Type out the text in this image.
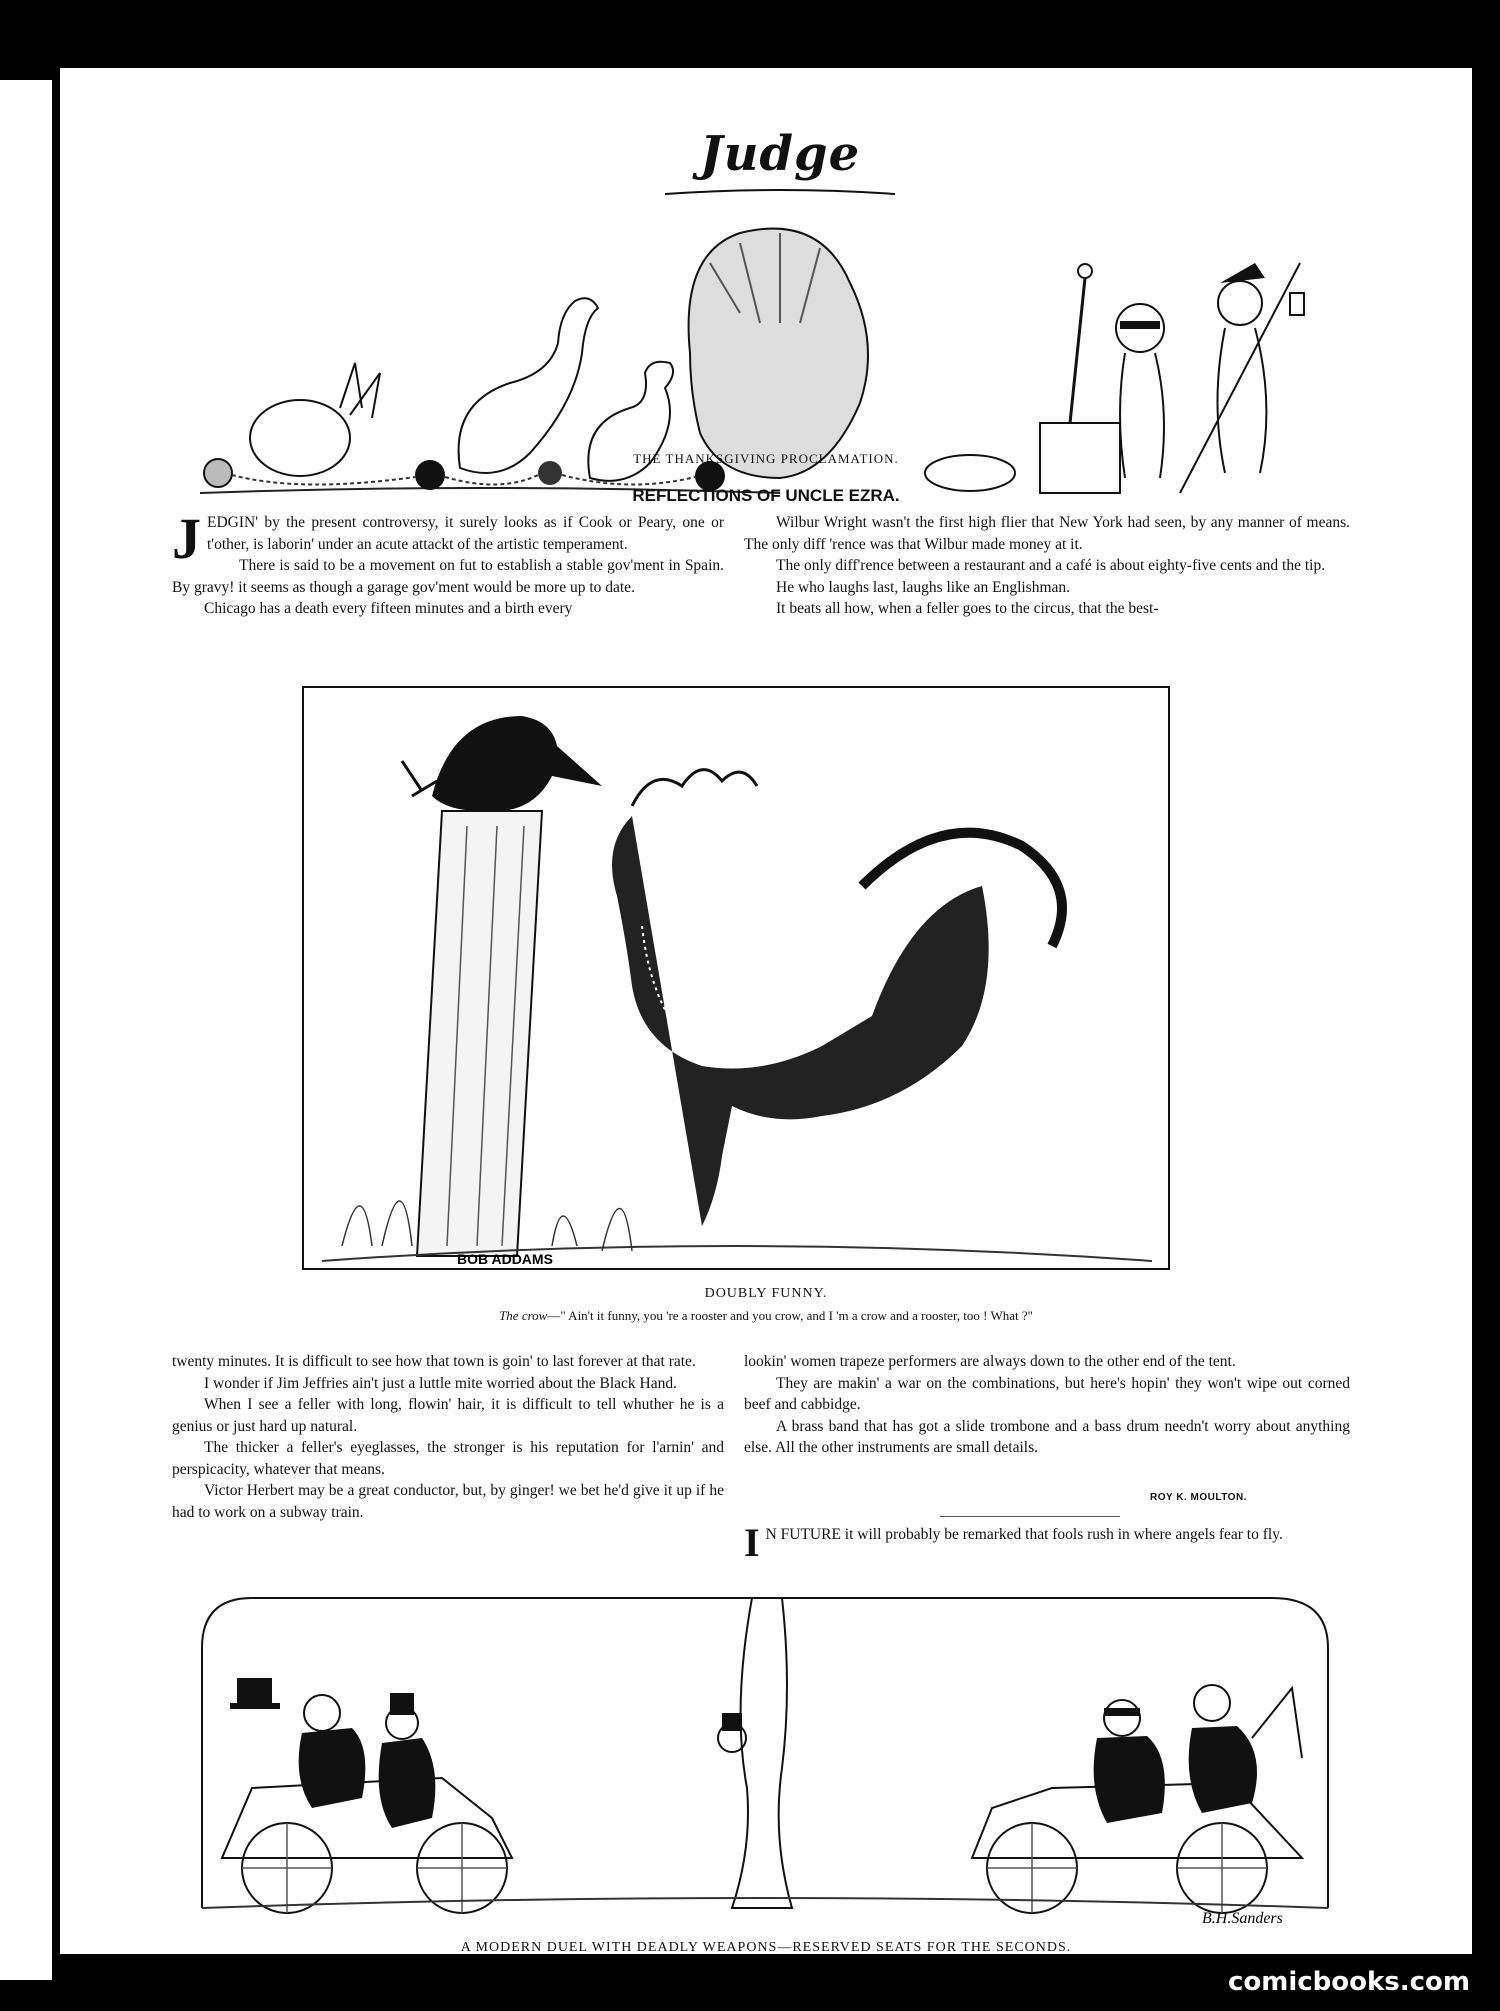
Judge
THE THANKSGIVING PROCLAMATION.
REFLECTIONS OF UNCLE EZRA.

JEDGIN' by the present controversy, it surely looks as if Cook or Peary, one or t'other, is laborin' under an acute attackt of the artistic temperament.

There is said to be a movement on fut to establish a stable gov'ment in Spain. By gravy! it seems as though a garage gov'ment would be more up to date.

Chicago has a death every fifteen minutes and a birth every

Wilbur Wright wasn't the first high flier that New York had seen, by any manner of means. The only diff 'rence was that Wilbur made money at it.

The only diff'rence between a restaurant and a café is about eighty-five cents and the tip.

He who laughs last, laughs like an Englishman.

It beats all how, when a feller goes to the circus, that the best-

BOB ADDAMS
DOUBLY FUNNY.
The crow—" Ain't it funny, you 're a rooster and you crow, and I 'm a crow and a rooster, too ! What ?"

twenty minutes. It is difficult to see how that town is goin' to last forever at that rate.

I wonder if Jim Jeffries ain't just a luttle mite worried about the Black Hand.

When I see a feller with long, flowin' hair, it is difficult to tell whuther he is a genius or just hard up natural.

The thicker a feller's eyeglasses, the stronger is his reputation for l'arnin' and perspicacity, whatever that means.

Victor Herbert may be a great conductor, but, by ginger! we bet he'd give it up if he had to work on a subway train.

lookin' women trapeze performers are always down to the other end of the tent.

They are makin' a war on the combinations, but here's hopin' they won't wipe out corned beef and cabbidge.

A brass band that has got a slide trombone and a bass drum needn't worry about anything else. All the other instruments are small details.

ROY K. MOULTON.

I N FUTURE it will probably be remarked that fools rush in where angels fear to fly.

B.H.Sanders
A MODERN DUEL WITH DEADLY WEAPONS—RESERVED SEATS FOR THE SECONDS.
comicbooks.com
